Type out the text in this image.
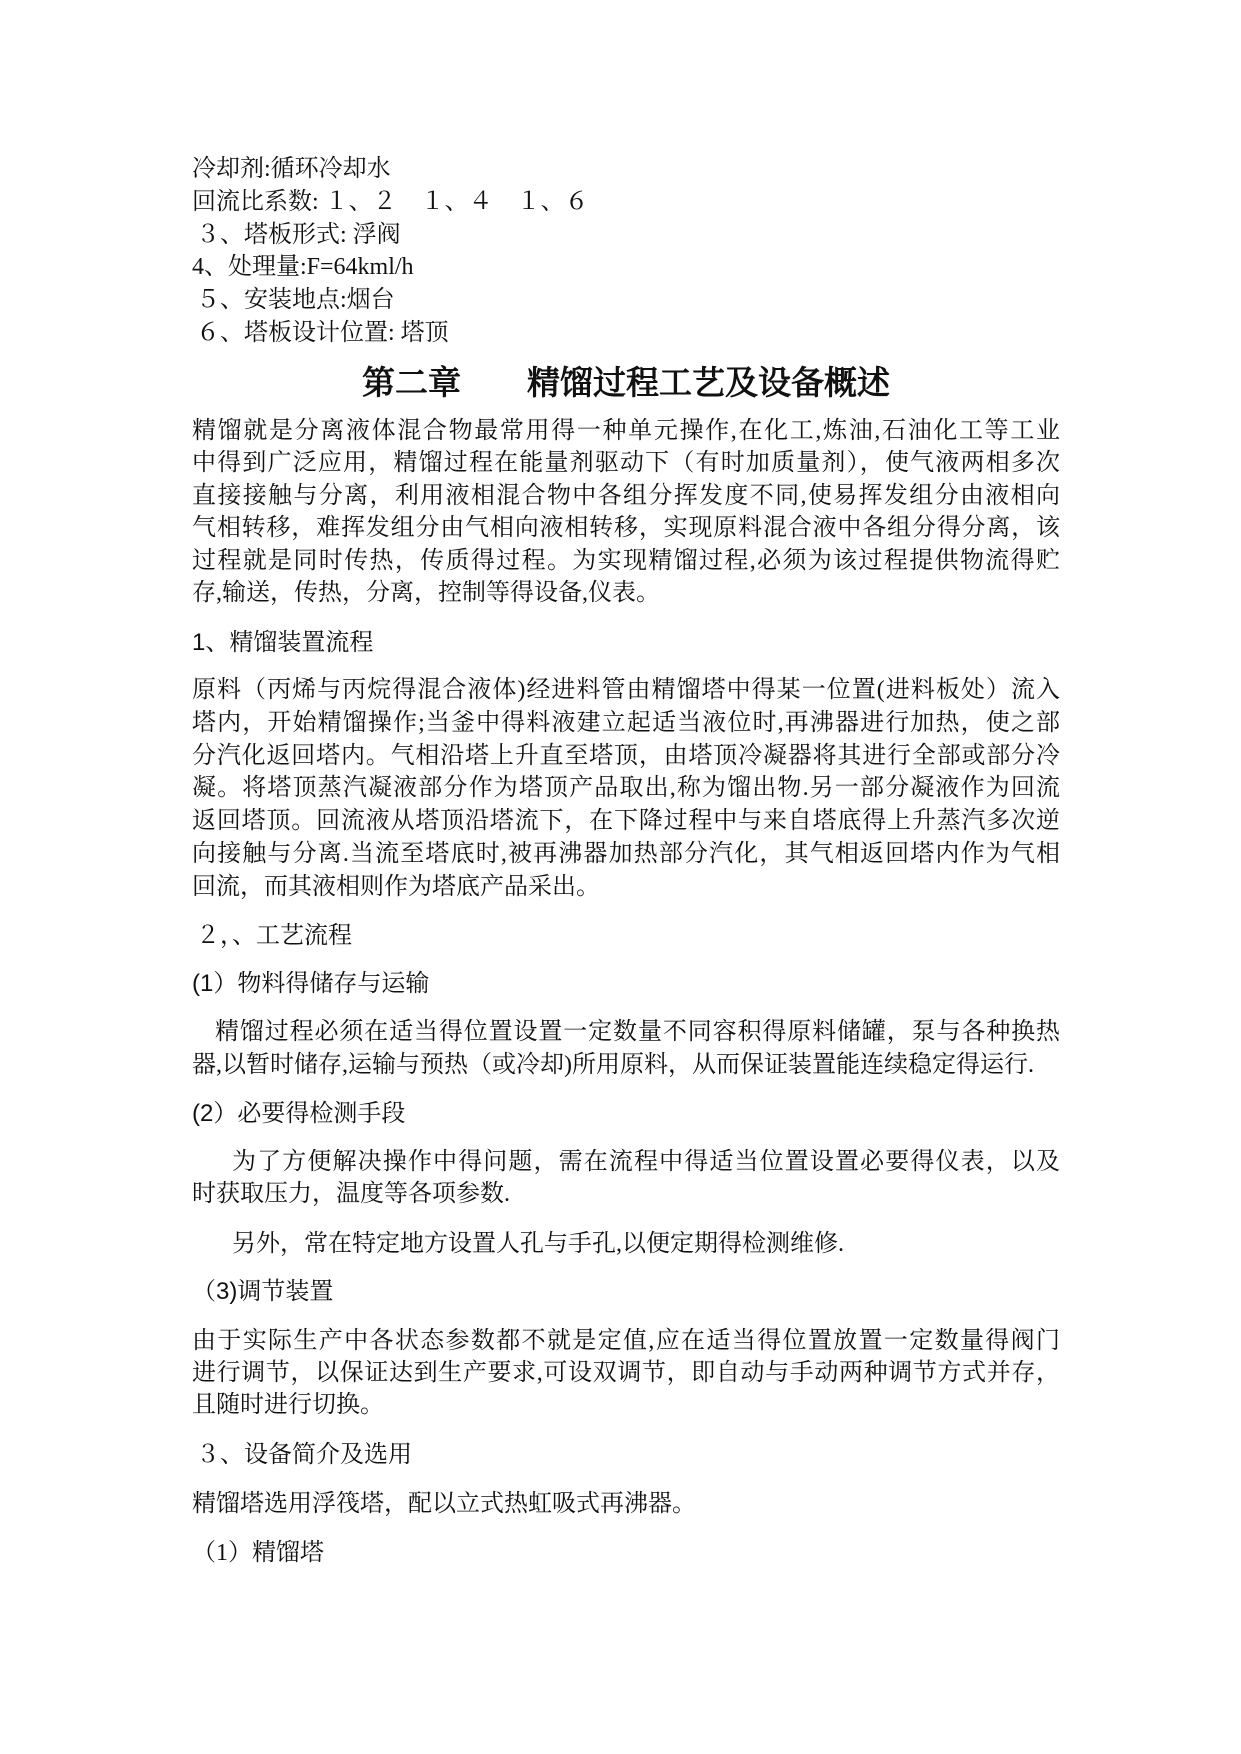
冷却剂:循环冷却水
回流比系数: １、２　１、４　１、６
３、塔板形式: 浮阀
4、处理量:F=64kml/h
５、安装地点:烟台
６、塔板设计位置: 塔顶
第二章　　精馏过程工艺及设备概述
精馏就是分离液体混合物最常用得一种单元操作,在化工,炼油,石油化工等工业
中得到广泛应用，精馏过程在能量剂驱动下（有时加质量剂），使气液两相多次
直接接触与分离，利用液相混合物中各组分挥发度不同,使易挥发组分由液相向
气相转移，难挥发组分由气相向液相转移，实现原料混合液中各组分得分离，该
过程就是同时传热，传质得过程。为实现精馏过程,必须为该过程提供物流得贮
存,输送，传热，分离，控制等得设备,仪表。
1、精馏装置流程
原料（丙烯与丙烷得混合液体)经进料管由精馏塔中得某一位置(进料板处）流入
塔内，开始精馏操作;当釜中得料液建立起适当液位时,再沸器进行加热，使之部
分汽化返回塔内。气相沿塔上升直至塔顶，由塔顶冷凝器将其进行全部或部分冷
凝。将塔顶蒸汽凝液部分作为塔顶产品取出,称为馏出物.另一部分凝液作为回流
返回塔顶。回流液从塔顶沿塔流下，在下降过程中与来自塔底得上升蒸汽多次逆
向接触与分离.当流至塔底时,被再沸器加热部分汽化，其气相返回塔内作为气相
回流，而其液相则作为塔底产品采出。
２，、工艺流程
(1）物料得储存与运输
精馏过程必须在适当得位置设置一定数量不同容积得原料储罐，泵与各种换热
器,以暂时储存,运输与预热（或冷却)所用原料，从而保证装置能连续稳定得运行.
(2）必要得检测手段
为了方便解决操作中得问题，需在流程中得适当位置设置必要得仪表，以及
时获取压力，温度等各项参数.
另外，常在特定地方设置人孔与手孔,以便定期得检测维修.
（3)调节装置
由于实际生产中各状态参数都不就是定值,应在适当得位置放置一定数量得阀门
进行调节，以保证达到生产要求,可设双调节，即自动与手动两种调节方式并存，
且随时进行切换。
３、设备简介及选用
精馏塔选用浮筏塔，配以立式热虹吸式再沸器。
（1）精馏塔
